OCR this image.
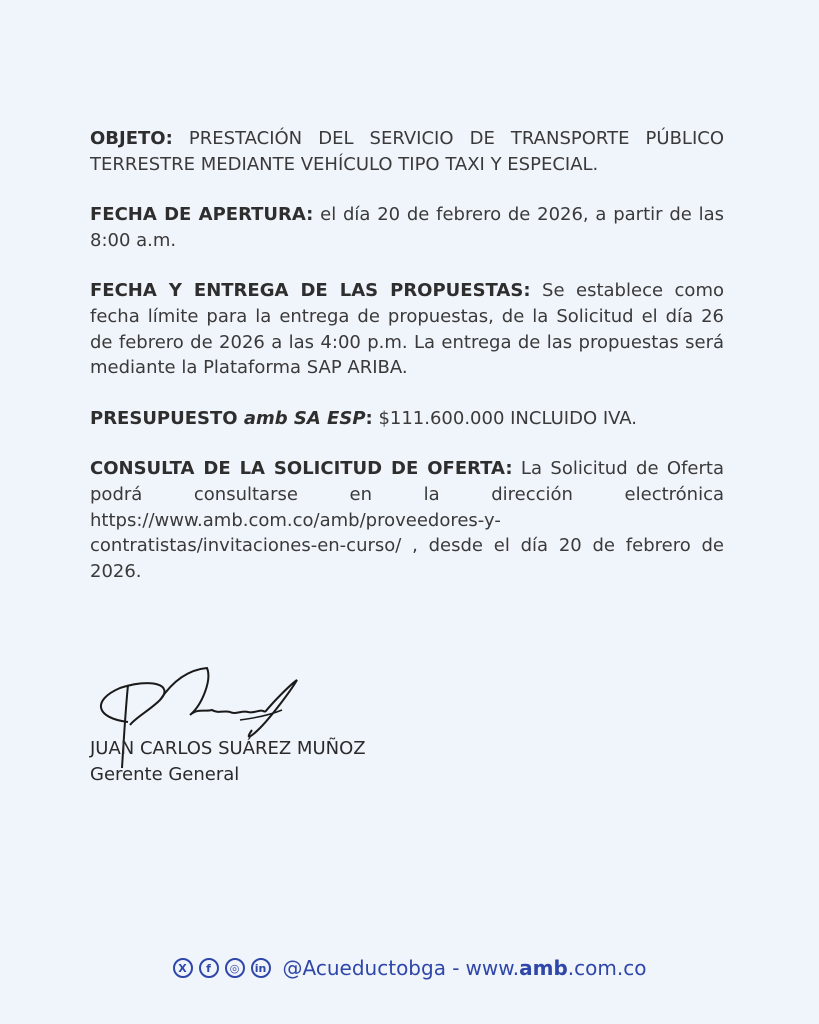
OBJETO: PRESTACIÓN DEL SERVICIO DE TRANSPORTE PÚBLICO TERRESTRE MEDIANTE VEHÍCULO TIPO TAXI Y ESPECIAL.

FECHA DE APERTURA: el día 20 de febrero de 2026, a partir de las 8:00 a.m.

FECHA Y ENTREGA DE LAS PROPUESTAS: Se establece como fecha límite para la entrega de propuestas, de la Solicitud el día 26 de febrero de 2026 a las 4:00 p.m. La entrega de las propuestas será mediante la Plataforma SAP ARIBA.

PRESUPUESTO amb SA ESP: $111.600.000 INCLUIDO IVA.

CONSULTA DE LA SOLICITUD DE OFERTA: La Solicitud de Oferta podrá consultarse en la dirección electrónica https://www.amb.com.co/amb/proveedores-y-contratistas/invitaciones-en-curso/ , desde el día 20 de febrero de 2026.

JUAN CARLOS SUÁREZ MUÑOZ
Gerente General
X	f	◎	in @Acueductobga - www.amb.com.co
